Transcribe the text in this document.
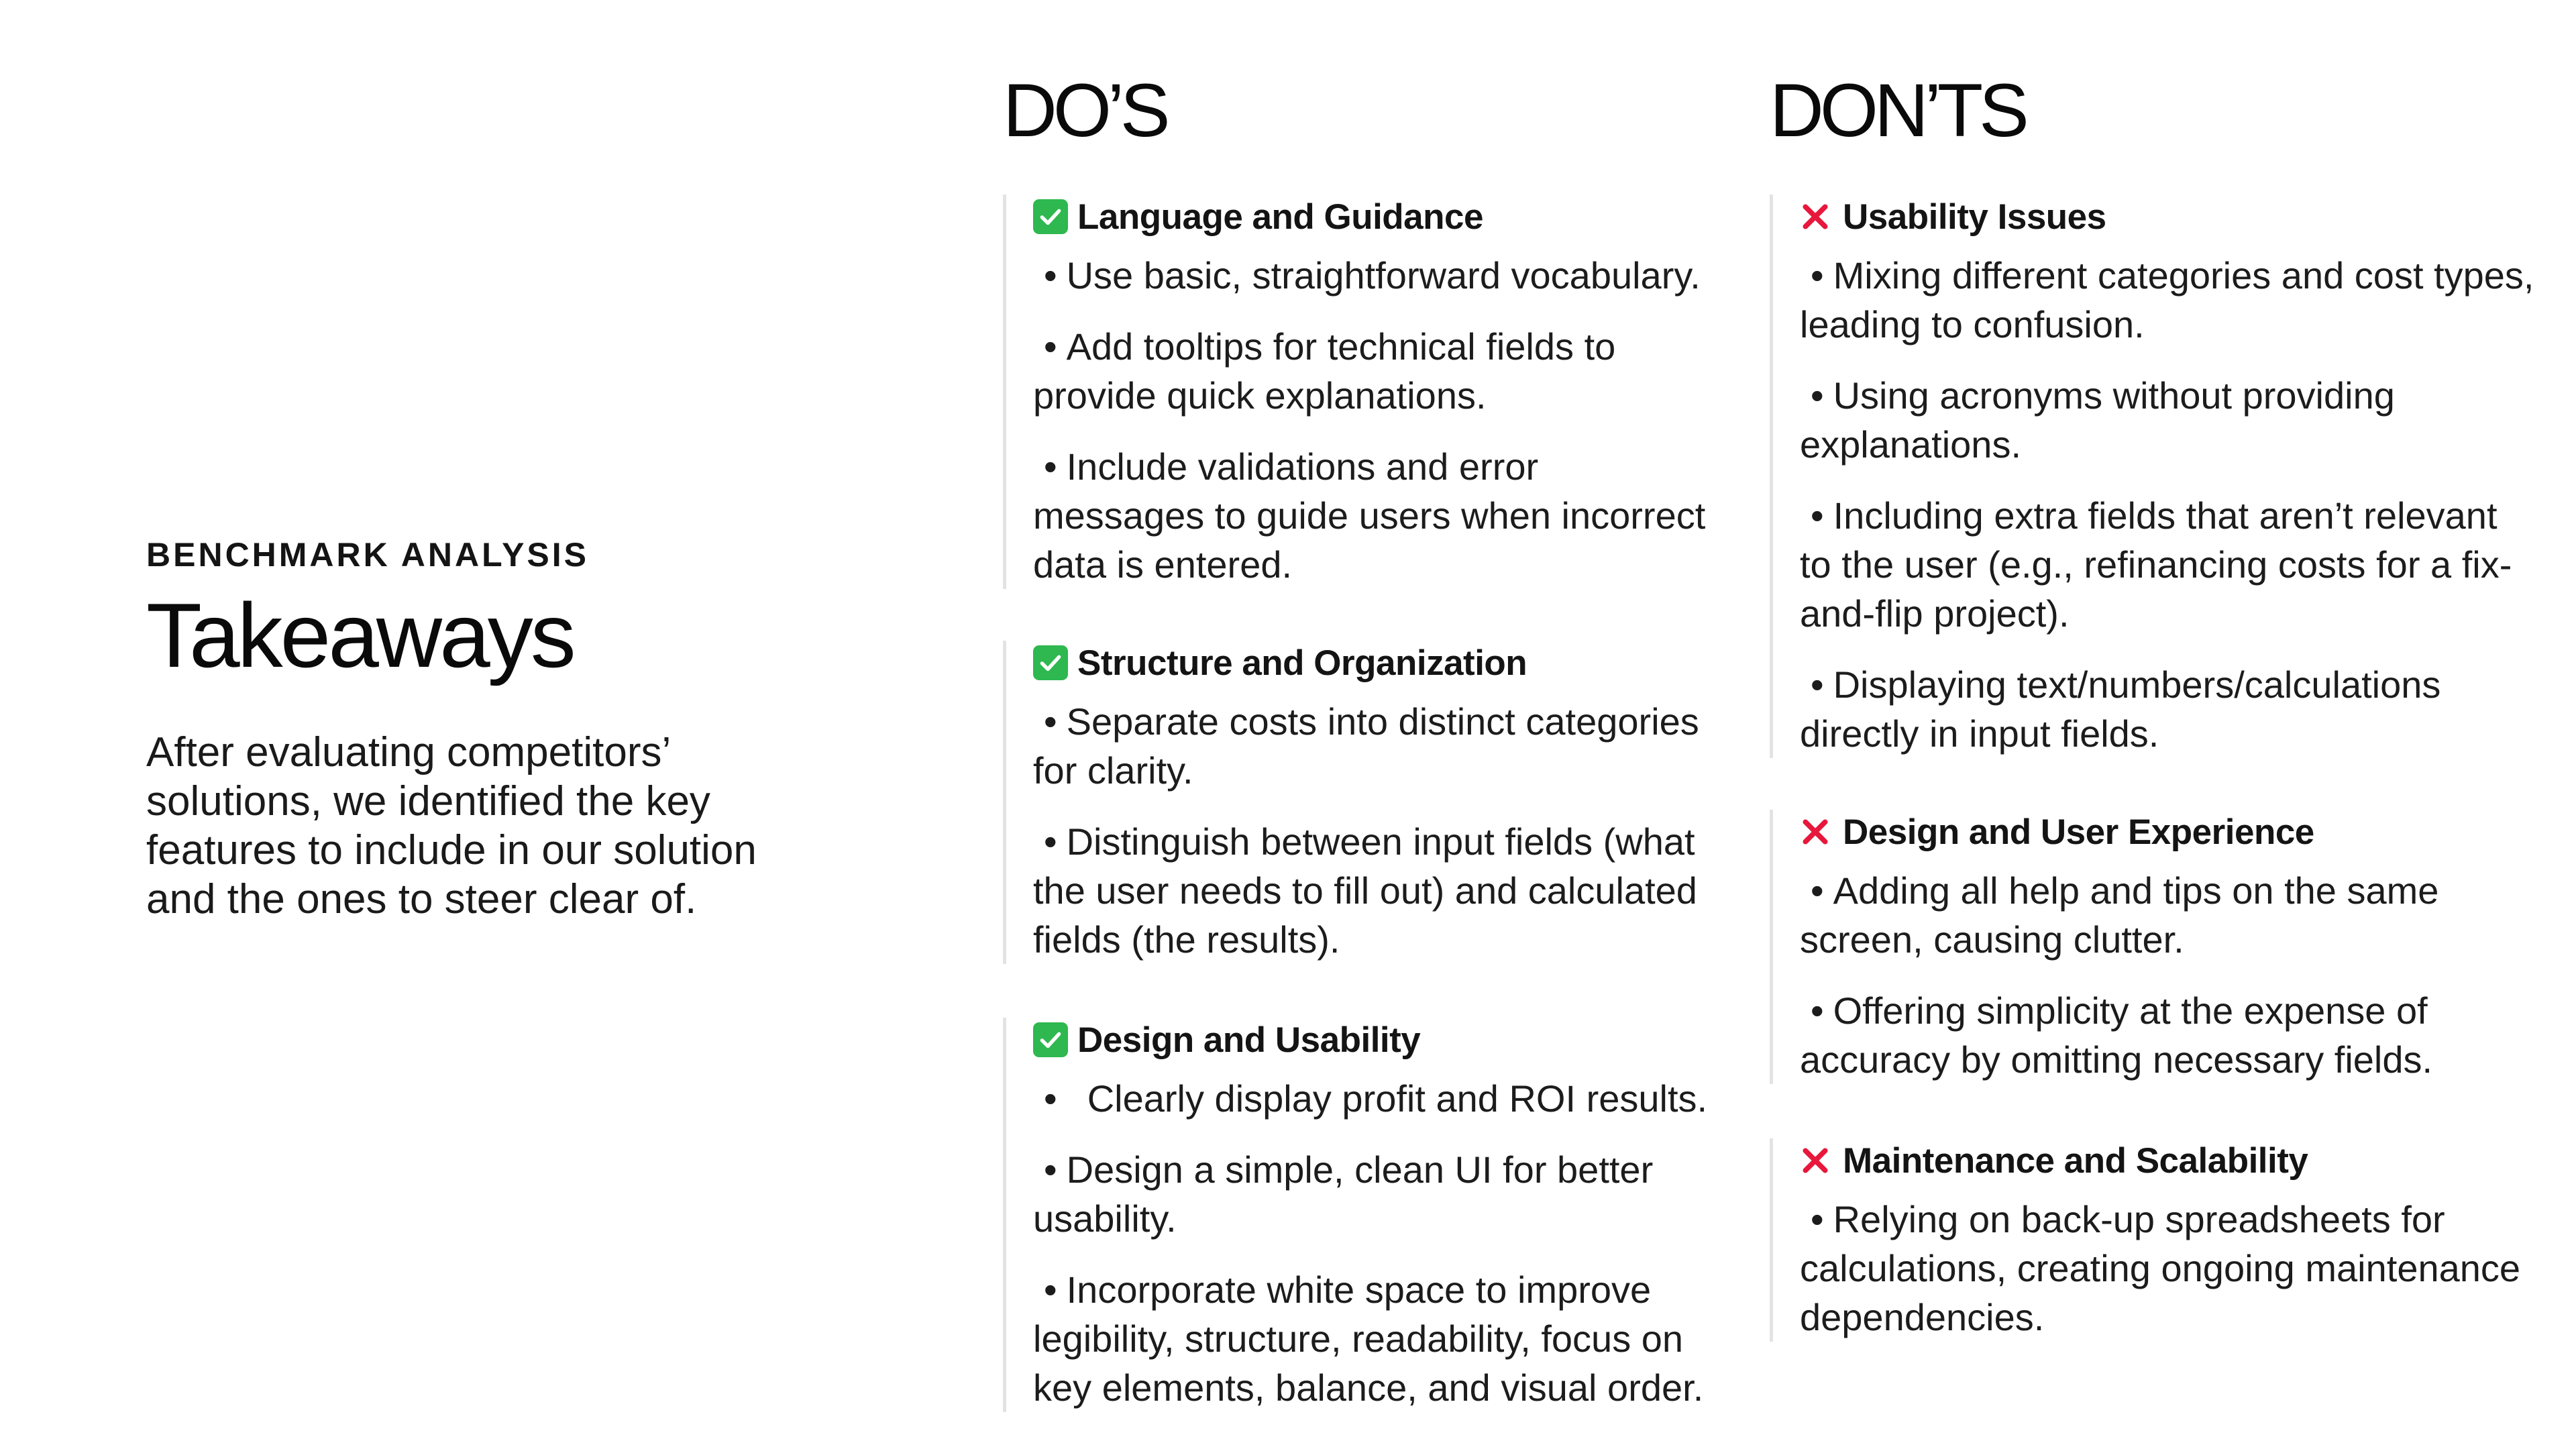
BENCHMARK ANALYSIS
Takeaways
After evaluating competitors’ solutions, we identified the key features to include in our solution and the ones to steer clear of.
DO’S
Language and Guidance
• Use basic, straightforward vocabulary.
• Add tooltips for technical fields to provide quick explanations.
• Include validations and error messages to guide users when incorrect data is entered.
Structure and Organization
• Separate costs into distinct categories for clarity.
• Distinguish between input fields (what the user needs to fill out) and calculated fields (the results).
Design and Usability
•  Clearly display profit and ROI results.
• Design a simple, clean UI for better usability.
• Incorporate white space to improve legibility, structure, readability, focus on key elements, balance, and visual order.
DON’TS
Usability Issues
• Mixing different categories and cost types, leading to confusion.
• Using acronyms without providing explanations.
• Including extra fields that aren’t relevant to the user (e.g., refinancing costs for a fix-and-flip project).
• Displaying text/numbers/calculations directly in input fields.
Design and User Experience
• Adding all help and tips on the same screen, causing clutter.
• Offering simplicity at the expense of accuracy by omitting necessary fields.
Maintenance and Scalability
• Relying on back-up spreadsheets for calculations, creating ongoing maintenance dependencies.
